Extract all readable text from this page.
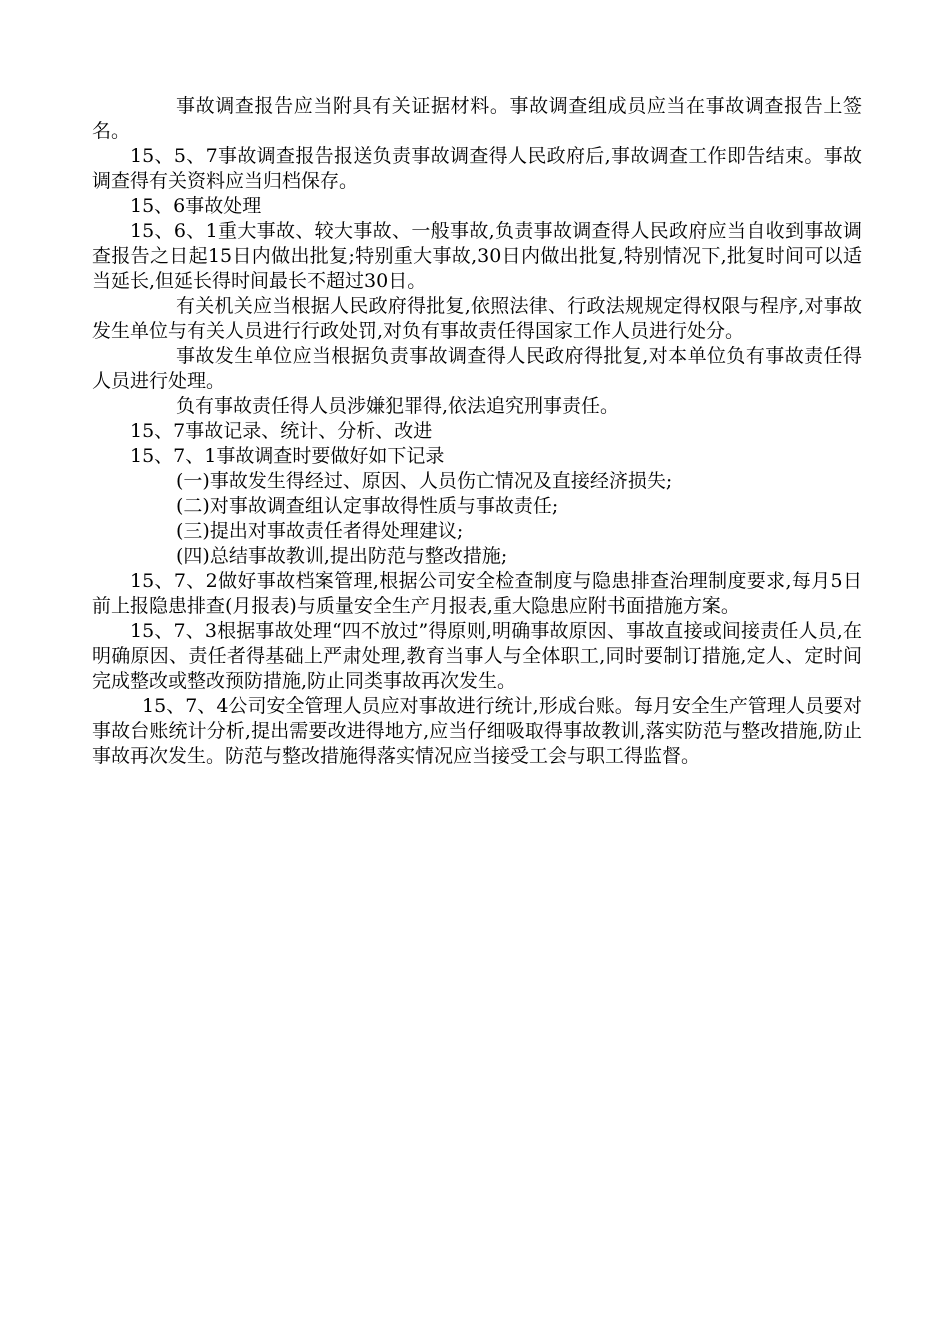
事故调查报告应当附具有关证据材料。事故调查组成员应当在事故调查报告上签名。

15、5、7事故调查报告报送负责事故调查得人民政府后,事故调查工作即告结束。事故调查得有关资料应当归档保存。

15、6事故处理

15、6、1重大事故、较大事故、一般事故,负责事故调查得人民政府应当自收到事故调查报告之日起15日内做出批复;特别重大事故,30日内做出批复,特别情况下,批复时间可以适当延长,但延长得时间最长不超过30日。

有关机关应当根据人民政府得批复,依照法律、行政法规规定得权限与程序,对事故发生单位与有关人员进行行政处罚,对负有事故责任得国家工作人员进行处分。

事故发生单位应当根据负责事故调查得人民政府得批复,对本单位负有事故责任得人员进行处理。

负有事故责任得人员涉嫌犯罪得,依法追究刑事责任。

15、7事故记录、统计、分析、改进

15、7、1事故调查时要做好如下记录

(一)事故发生得经过、原因、人员伤亡情况及直接经济损失;

(二)对事故调查组认定事故得性质与事故责任;

(三)提出对事故责任者得处理建议;

(四)总结事故教训,提出防范与整改措施;

15、7、2做好事故档案管理,根据公司安全检查制度与隐患排查治理制度要求,每月5日前上报隐患排查(月报表)与质量安全生产月报表,重大隐患应附书面措施方案。

15、7、3根据事故处理“四不放过”得原则,明确事故原因、事故直接或间接责任人员,在明确原因、责任者得基础上严肃处理,教育当事人与全体职工,同时要制订措施,定人、定时间完成整改或整改预防措施,防止同类事故再次发生。

15、7、4公司安全管理人员应对事故进行统计,形成台账。每月安全生产管理人员要对事故台账统计分析,提出需要改进得地方,应当仔细吸取得事故教训,落实防范与整改措施,防止事故再次发生。防范与整改措施得落实情况应当接受工会与职工得监督。
